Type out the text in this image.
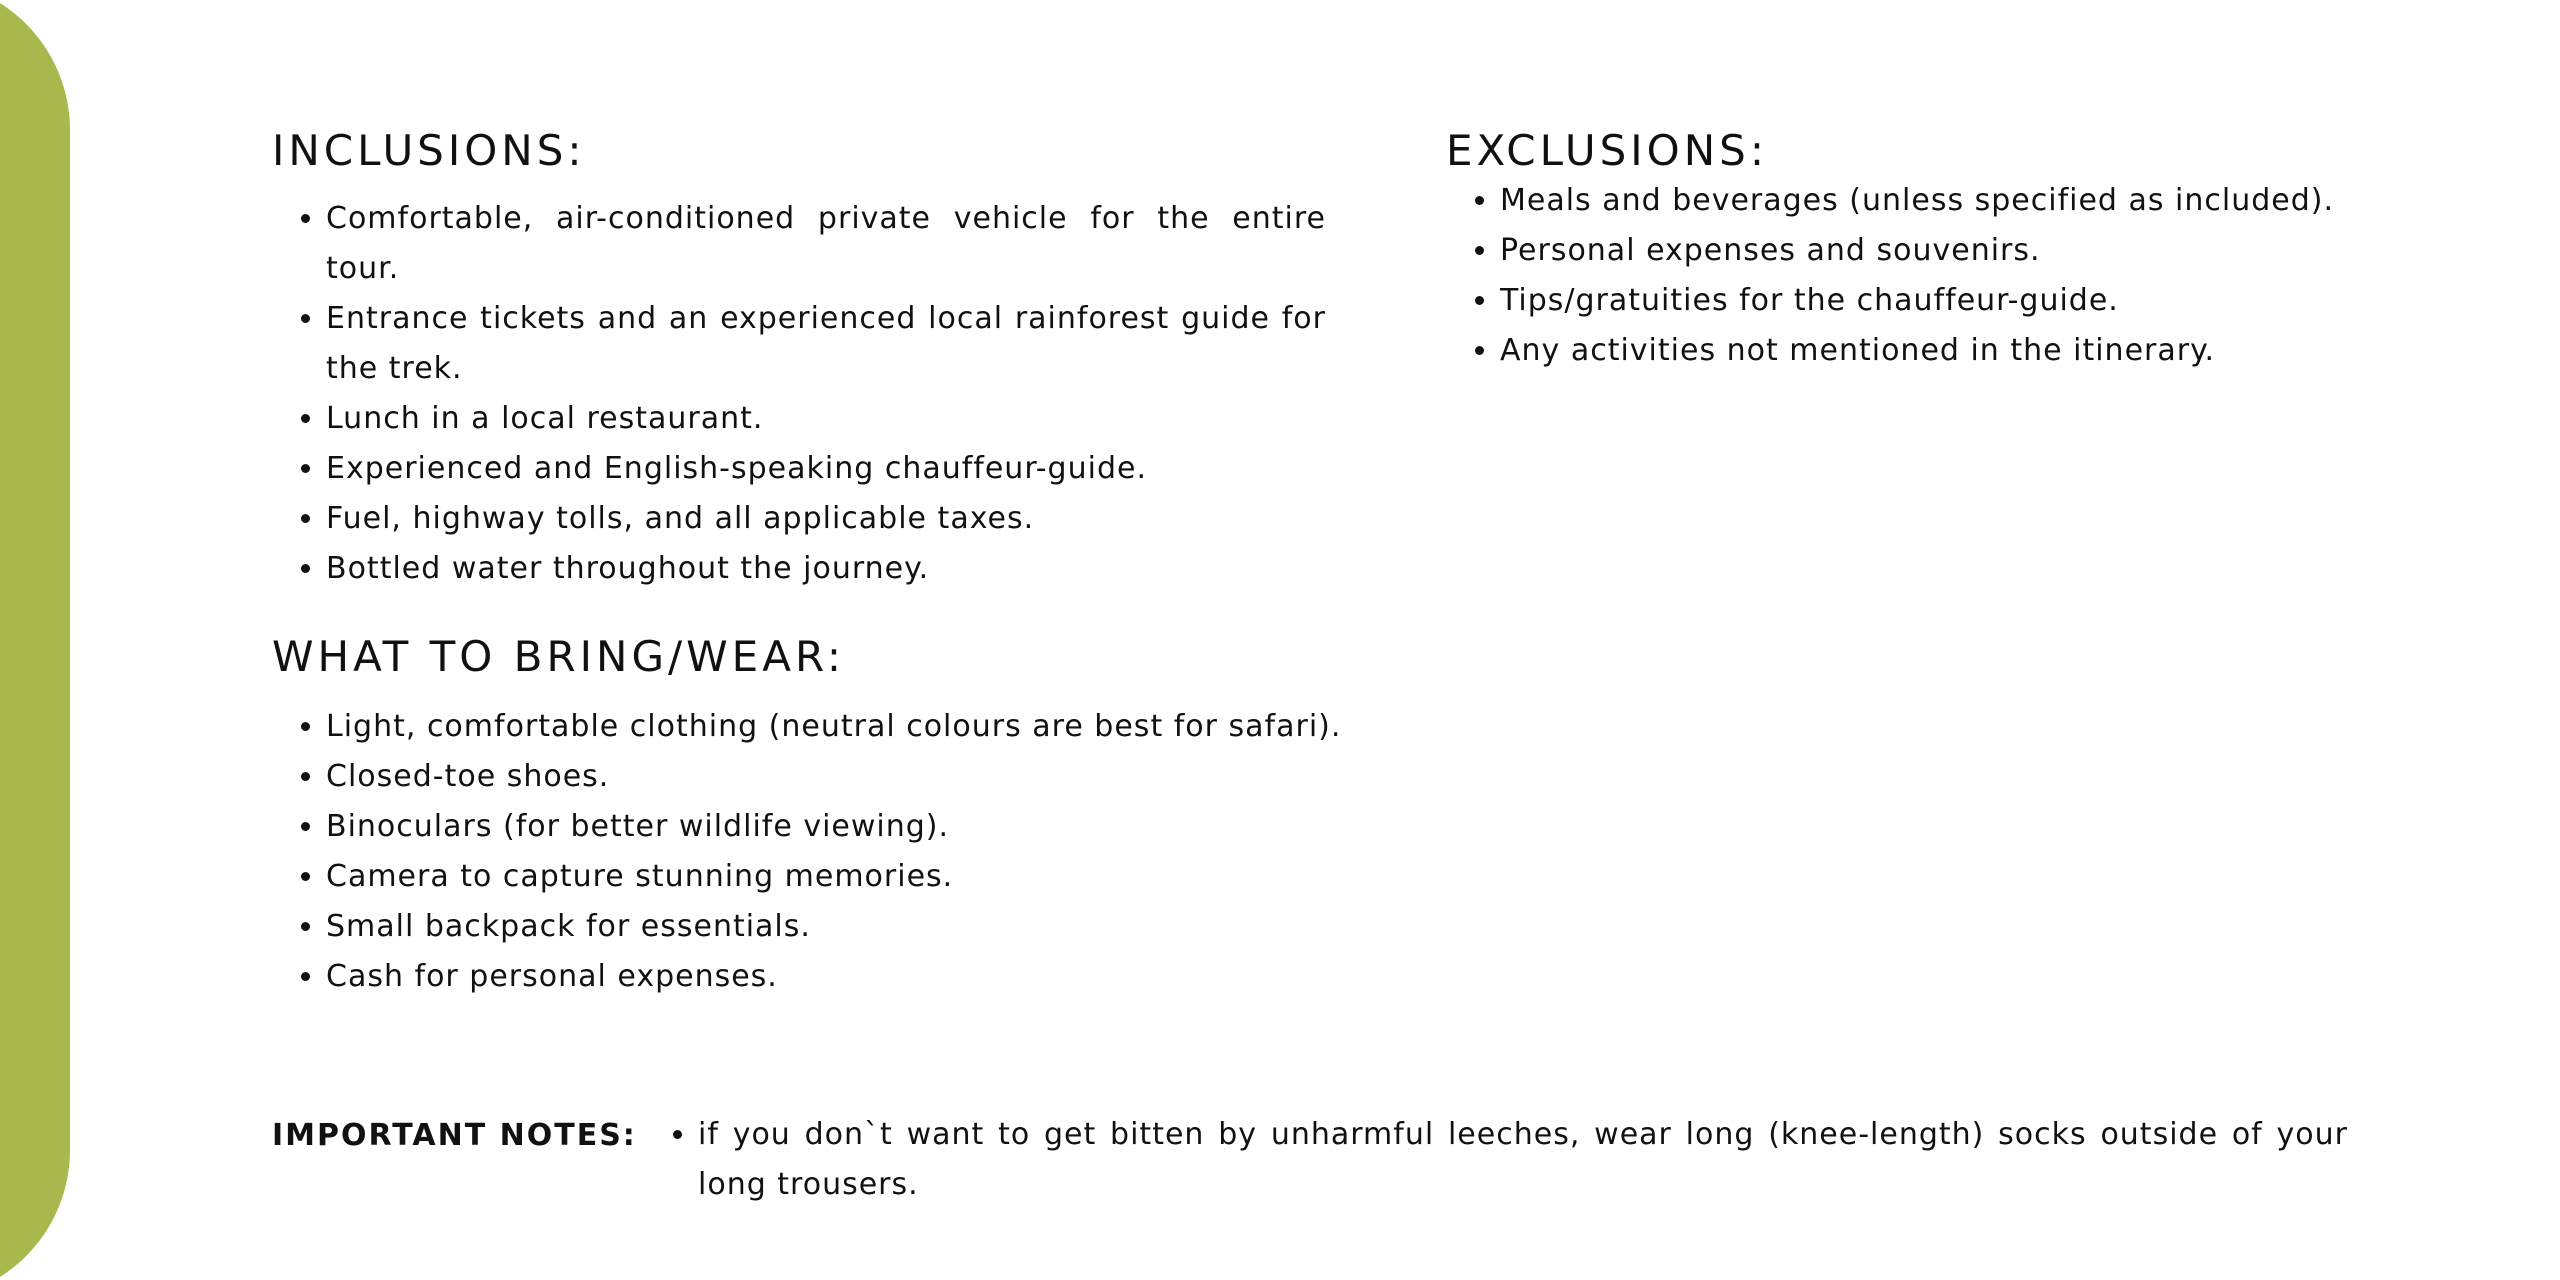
INCLUSIONS:
• Comfortable, air-conditioned private vehicle for the entire tour.
• Entrance tickets and an experienced local rainforest guide for the trek.
• Lunch in a local restaurant.
• Experienced and English-speaking chauffeur-guide.
• Fuel, highway tolls, and all applicable taxes.
• Bottled water throughout the journey.
EXCLUSIONS:
• Meals and beverages (unless specified as included).
• Personal expenses and souvenirs.
• Tips/gratuities for the chauffeur-guide.
• Any activities not mentioned in the itinerary.
WHAT TO BRING/WEAR:
• Light, comfortable clothing (neutral colours are best for safari).
• Closed-toe shoes.
• Binoculars (for better wildlife viewing).
• Camera to capture stunning memories.
• Small backpack for essentials.
• Cash for personal expenses.
IMPORTANT NOTES:
• if you don`t want to get bitten by unharmful leeches, wear long (knee-length) socks outside of your long trousers.
